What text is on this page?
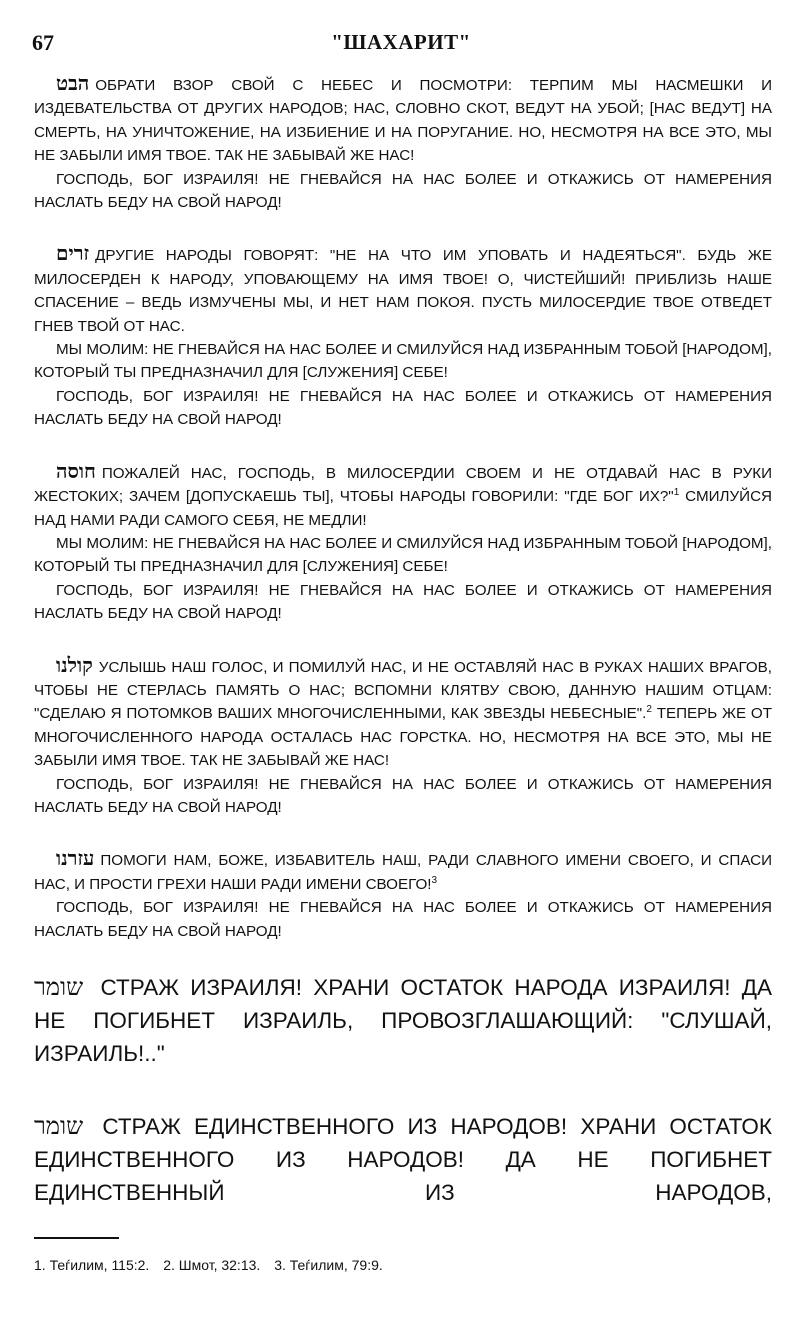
67	"ШАХАРИТ"

הבט ОБРАТИ ВЗОР СВОЙ С НЕБЕС И ПОСМОТРИ: ТЕРПИМ МЫ НАСМЕШКИ И ИЗДЕВАТЕЛЬСТВА ОТ ДРУГИХ НАРОДОВ; НАС, СЛОВНО СКОТ, ВЕДУТ НА УБОЙ; [НАС ВЕДУТ] НА СМЕРТЬ, НА УНИЧТОЖЕНИЕ, НА ИЗБИЕНИЕ И НА ПОРУГАНИЕ. НО, НЕСМОТРЯ НА ВСЕ ЭТО, МЫ НЕ ЗАБЫЛИ ИМЯ ТВОЕ. ТАК НЕ ЗАБЫВАЙ ЖЕ НАС!

ГОСПОДЬ, БОГ ИЗРАИЛЯ! НЕ ГНЕВАЙСЯ НА НАС БОЛЕЕ И ОТКАЖИСЬ ОТ НАМЕРЕНИЯ НАСЛАТЬ БЕДУ НА СВОЙ НАРОД!

זרים ДРУГИЕ НАРОДЫ ГОВОРЯТ: "НЕ НА ЧТО ИМ УПОВАТЬ И НАДЕЯТЬСЯ". БУДЬ ЖЕ МИЛОСЕРДЕН К НАРОДУ, УПОВАЮЩЕМУ НА ИМЯ ТВОЕ! О, ЧИСТЕЙШИЙ! ПРИБЛИЗЬ НАШЕ СПАСЕНИЕ – ВЕДЬ ИЗМУЧЕНЫ МЫ, И НЕТ НАМ ПОКОЯ. ПУСТЬ МИЛОСЕРДИЕ ТВОЕ ОТВЕДЕТ ГНЕВ ТВОЙ ОТ НАС.

МЫ МОЛИМ: НЕ ГНЕВАЙСЯ НА НАС БОЛЕЕ И СМИЛУЙСЯ НАД ИЗБРАННЫМ ТОБОЙ [НАРОДОМ], КОТОРЫЙ ТЫ ПРЕДНАЗНАЧИЛ ДЛЯ [СЛУЖЕНИЯ] СЕБЕ!

ГОСПОДЬ, БОГ ИЗРАИЛЯ! НЕ ГНЕВАЙСЯ НА НАС БОЛЕЕ И ОТКАЖИСЬ ОТ НАМЕРЕНИЯ НАСЛАТЬ БЕДУ НА СВОЙ НАРОД!

חוסה ПОЖАЛЕЙ НАС, ГОСПОДЬ, В МИЛОСЕРДИИ СВОЕМ И НЕ ОТДАВАЙ НАС В РУКИ ЖЕСТОКИХ; ЗАЧЕМ [ДОПУСКАЕШЬ ТЫ], ЧТОБЫ НАРОДЫ ГОВОРИЛИ: "ГДЕ БОГ ИХ?"$^1$ СМИЛУЙСЯ НАД НАМИ РАДИ САМОГО СЕБЯ, НЕ МЕДЛИ!

МЫ МОЛИМ: НЕ ГНЕВАЙСЯ НА НАС БОЛЕЕ И СМИЛУЙСЯ НАД ИЗБРАННЫМ ТОБОЙ [НАРОДОМ], КОТОРЫЙ ТЫ ПРЕДНАЗНАЧИЛ ДЛЯ [СЛУЖЕНИЯ] СЕБЕ!

ГОСПОДЬ, БОГ ИЗРАИЛЯ! НЕ ГНЕВАЙСЯ НА НАС БОЛЕЕ И ОТКАЖИСЬ ОТ НАМЕРЕНИЯ НАСЛАТЬ БЕДУ НА СВОЙ НАРОД!

קולנו УСЛЫШЬ НАШ ГОЛОС, И ПОМИЛУЙ НАС, И НЕ ОСТАВЛЯЙ НАС В РУКАХ НАШИХ ВРАГОВ, ЧТОБЫ НЕ СТЕРЛАСЬ ПАМЯТЬ О НАС; ВСПОМНИ КЛЯТВУ СВОЮ, ДАННУЮ НАШИМ ОТЦАМ: "СДЕЛАЮ Я ПОТОМКОВ ВАШИХ МНОГОЧИСЛЕННЫМИ, КАК ЗВЕЗДЫ НЕБЕСНЫЕ".$^2$ ТЕПЕРЬ ЖЕ ОТ МНОГОЧИСЛЕННОГО НАРОДА ОСТАЛАСЬ НАС ГОРСТКА. НО, НЕСМОТРЯ НА ВСЕ ЭТО, МЫ НЕ ЗАБЫЛИ ИМЯ ТВОЕ. ТАК НЕ ЗАБЫВАЙ ЖЕ НАС!

ГОСПОДЬ, БОГ ИЗРАИЛЯ! НЕ ГНЕВАЙСЯ НА НАС БОЛЕЕ И ОТКАЖИСЬ ОТ НАМЕРЕНИЯ НАСЛАТЬ БЕДУ НА СВОЙ НАРОД!

עזרנו ПОМОГИ НАМ, БОЖЕ, ИЗБАВИТЕЛЬ НАШ, РАДИ СЛАВНОГО ИМЕНИ СВОЕГО, И СПАСИ НАС, И ПРОСТИ ГРЕХИ НАШИ РАДИ ИМЕНИ СВОЕГО!$^3$

ГОСПОДЬ, БОГ ИЗРАИЛЯ! НЕ ГНЕВАЙСЯ НА НАС БОЛЕЕ И ОТКАЖИСЬ ОТ НАМЕРЕНИЯ НАСЛАТЬ БЕДУ НА СВОЙ НАРОД!

שומר СТРАЖ ИЗРАИЛЯ! ХРАНИ ОСТАТОК НАРОДА ИЗРАИЛЯ! ДА НЕ ПОГИБНЕТ ИЗРАИЛЬ, ПРОВОЗГЛАШАЮЩИЙ: "СЛУШАЙ, ИЗРАИЛЬ!.."

שומר СТРАЖ ЕДИНСТВЕННОГО ИЗ НАРОДОВ! ХРАНИ ОСТАТОК ЕДИНСТВЕННОГО ИЗ НАРОДОВ! ДА НЕ ПОГИБНЕТ ЕДИНСТВЕННЫЙ ИЗ НАРОДОВ,

1. Теѓилим, 115:2. 2. Шмот, 32:13. 3. Теѓилим, 79:9.
